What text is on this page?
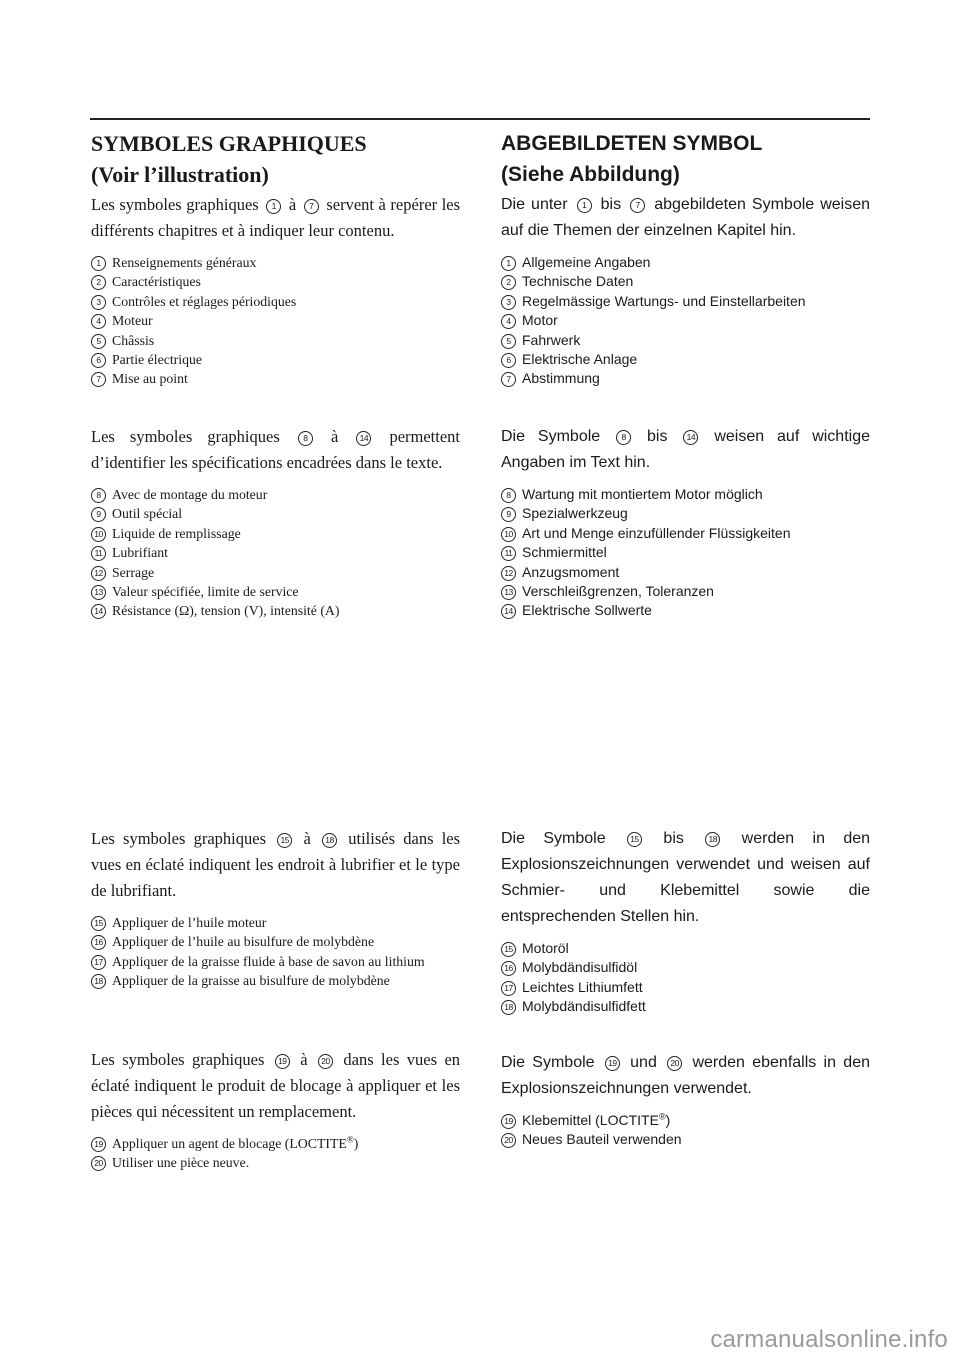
SYMBOLES GRAPHIQUES
(Voir l’illustration)

Les symboles graphiques 1 à 7 servent à repérer les différents chapitres et à indiquer leur contenu.

1 Renseignements généraux
2 Caractéristiques
3 Contrôles et réglages périodiques
4 Moteur
5 Châssis
6 Partie électrique
7 Mise au point

Les symboles graphiques	8 à	14 permettent d’identifier les spécifications encadrées dans le texte.

8 Avec de montage du moteur
9 Outil spécial
10 Liquide de remplissage
11 Lubrifiant
12 Serrage
13 Valeur spécifiée, limite de service
14 Résistance (Ω), tension (V), intensité (A)

Les symboles graphiques 15 à 18 utilisés dans les vues en éclaté indiquent les endroit à lubrifier et le type de lubrifiant.

15 Appliquer de l’huile moteur
16 Appliquer de l’huile au bisulfure de molybdène
17 Appliquer de la graisse fluide à base de savon au lithium
18 Appliquer de la graisse au bisulfure de molybdène

Les symboles graphiques 19 à 20 dans les vues en éclaté indiquent le produit de blocage à appliquer et les pièces qui nécessitent un remplacement.

19 Appliquer un agent de blocage (LOCTITE®)
20 Utiliser une pièce neuve.
ABGEBILDETEN SYMBOL
(Siehe Abbildung)

Die unter 1 bis 7 abgebildeten Symbole weisen auf die Themen der einzelnen Kapitel hin.

1 Allgemeine Angaben
2 Technische Daten
3 Regelmässige Wartungs- und Einstellarbeiten
4 Motor
5 Fahrwerk
6 Elektrische Anlage
7 Abstimmung

Die Symbole	8 bis 14 weisen auf wichtige Angaben im Text hin.

8 Wartung mit montiertem Motor möglich
9 Spezialwerkzeug
10 Art und Menge einzufüllender Flüssigkeiten
11 Schmiermittel
12 Anzugsmoment
13 Verschleißgrenzen, Toleranzen
14 Elektrische Sollwerte

Die Symbole	15 bis	18 werden in den Explosionszeichnungen verwendet und weisen auf Schmier- und Klebemittel sowie die entsprechenden Stellen hin.

15 Motoröl
16 Molybdändisulfidöl
17 Leichtes Lithiumfett
18 Molybdändisulfidfett

Die Symbole 19 und 20 werden ebenfalls in den Explosionszeichnungen verwendet.

19 Klebemittel (LOCTITE®)
20 Neues Bauteil verwenden
carmanualsonline.info
